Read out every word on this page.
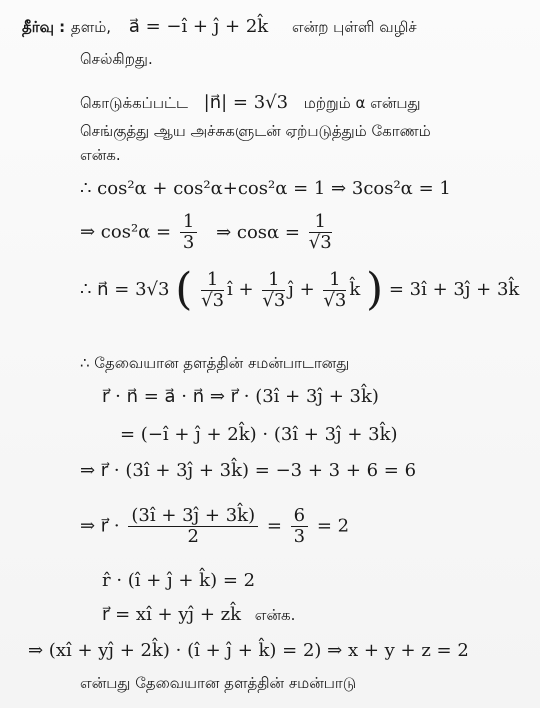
தீர்வு : தளம், a⃗ = −î + ĵ + 2k̂ என்ற புள்ளி வழிச்
செல்கிறது.
கொடுக்கப்பட்ட |n⃗| = 3√3 மற்றும் α என்பது
செங்குத்து ஆய அச்சுகளுடன் ஏற்படுத்தும் கோணம்
என்க.
∴ cos²α + cos²α+cos²α = 1 ⇒ 3cos²α = 1
⇒ $\cos^2\alpha = \frac{1}{3}$ ⇒ $\cos\alpha = \frac{1}{√3}$
∴ n⃗ = 3√3 ( $\frac{1}{√3}$ î + $\frac{1}{√3}$ ĵ + $\frac{1}{√3}$ k̂ ) = 3î + 3ĵ + 3k̂
∴ தேவையான தளத்தின் சமன்பாடானது
r⃗ · n⃗ = a⃗ · n⃗ ⇒ r⃗ · (3î + 3ĵ + 3k̂)
= (−î + ĵ + 2k̂) · (3î + 3ĵ + 3k̂)
⇒ r⃗ · (3î + 3ĵ + 3k̂) = −3 + 3 + 6 = 6
⇒ r⃗ · $\frac{(3î + 3ĵ + 3k̂)}{2} = \frac{6}{3} = 2$
r̂ · (î + ĵ + k̂) = 2
r⃗ = xî + yĵ + zk̂ என்க.
⇒ (xî + yĵ + 2k̂) · (î + ĵ + k̂) = 2) ⇒ x + y + z = 2
என்பது தேவையான தளத்தின் சமன்பாடு
